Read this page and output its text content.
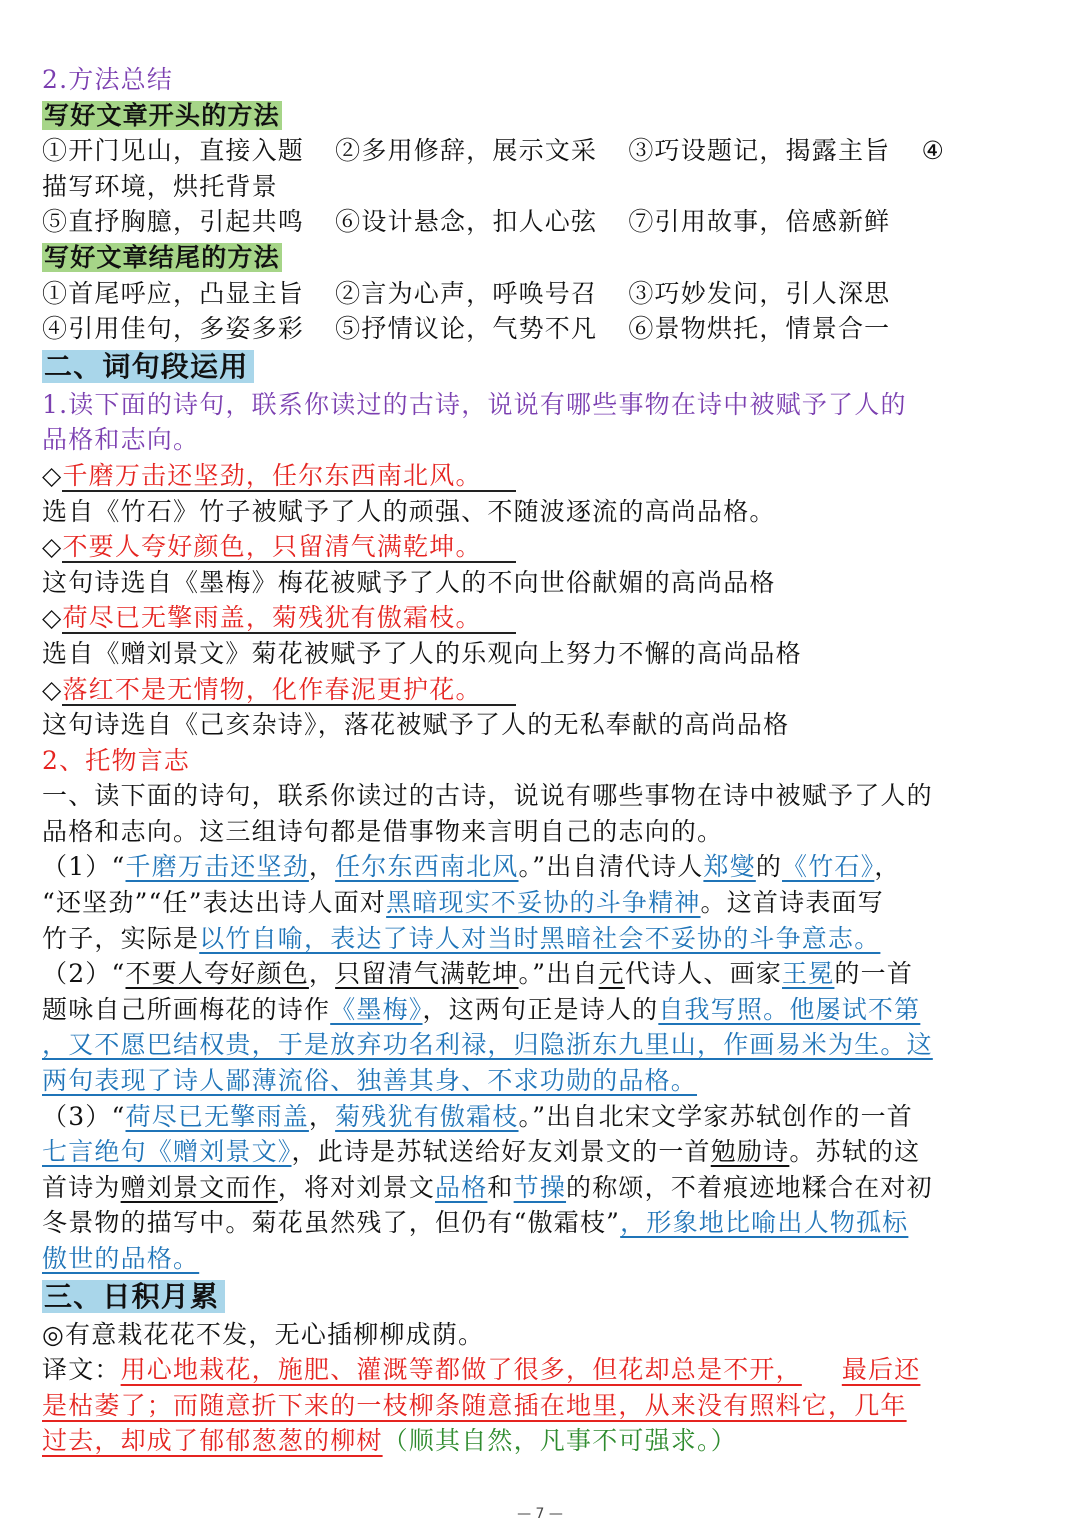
2.方法总结
写好文章开头的方法
①开门见山，直接入题 ②多用修辞，展示文采 ③巧设题记，揭露主旨 ④
描写环境，烘托背景
⑤直抒胸臆，引起共鸣 ⑥设计悬念，扣人心弦 ⑦引用故事，倍感新鲜
写好文章结尾的方法
①首尾呼应，凸显主旨 ②言为心声，呼唤号召 ③巧妙发问，引人深思
④引用佳句，多姿多彩 ⑤抒情议论，气势不凡 ⑥景物烘托，情景合一
二、词句段运用
1.读下面的诗句，联系你读过的古诗，说说有哪些事物在诗中被赋予了人的
品格和志向。
◇千磨万击还坚劲，任尔东西南北风。
选自《竹石》竹子被赋予了人的顽强、不随波逐流的高尚品格。
◇不要人夸好颜色，只留清气满乾坤。
这句诗选自《墨梅》梅花被赋予了人的不向世俗献媚的高尚品格
◇荷尽已无擎雨盖，菊残犹有傲霜枝。
选自《赠刘景文》菊花被赋予了人的乐观向上努力不懈的高尚品格
◇落红不是无情物，化作春泥更护花。
这句诗选自《己亥杂诗》，落花被赋予了人的无私奉献的高尚品格
2、托物言志
一、读下面的诗句，联系你读过的古诗，说说有哪些事物在诗中被赋予了人的
品格和志向。这三组诗句都是借事物来言明自己的志向的。
（1）“千磨万击还坚劲，任尔东西南北风。”出自清代诗人郑燮的《竹石》，
“还坚劲”“任”表达出诗人面对黑暗现实不妥协的斗争精神。这首诗表面写
竹子，实际是以竹自喻，表达了诗人对当时黑暗社会不妥协的斗争意志。
（2）“不要人夸好颜色，只留清气满乾坤。”出自元代诗人、画家王冕的一首
题咏自己所画梅花的诗作《墨梅》，这两句正是诗人的自我写照。他屡试不第
，又不愿巴结权贵，于是放弃功名利禄，归隐浙东九里山，作画易米为生。这
两句表现了诗人鄙薄流俗、独善其身、不求功勋的品格。
（3）“荷尽已无擎雨盖，菊残犹有傲霜枝。”出自北宋文学家苏轼创作的一首
七言绝句《赠刘景文》，此诗是苏轼送给好友刘景文的一首勉励诗。苏轼的这
首诗为赠刘景文而作，将对刘景文品格和节操的称颂，不着痕迹地糅合在对初
冬景物的描写中。菊花虽然残了，但仍有“傲霜枝”，形象地比喻出人物孤标
傲世的品格。
三、日积月累
◎有意栽花花不发，无心插柳柳成荫。
译文：用心地栽花，施肥、灌溉等都做了很多，但花却总是不开， 最后还
是枯萎了；而随意折下来的一枝柳条随意插在地里，从来没有照料它，几年
过去，却成了郁郁葱葱的柳树（顺其自然，凡事不可强求。）
— 7 —
